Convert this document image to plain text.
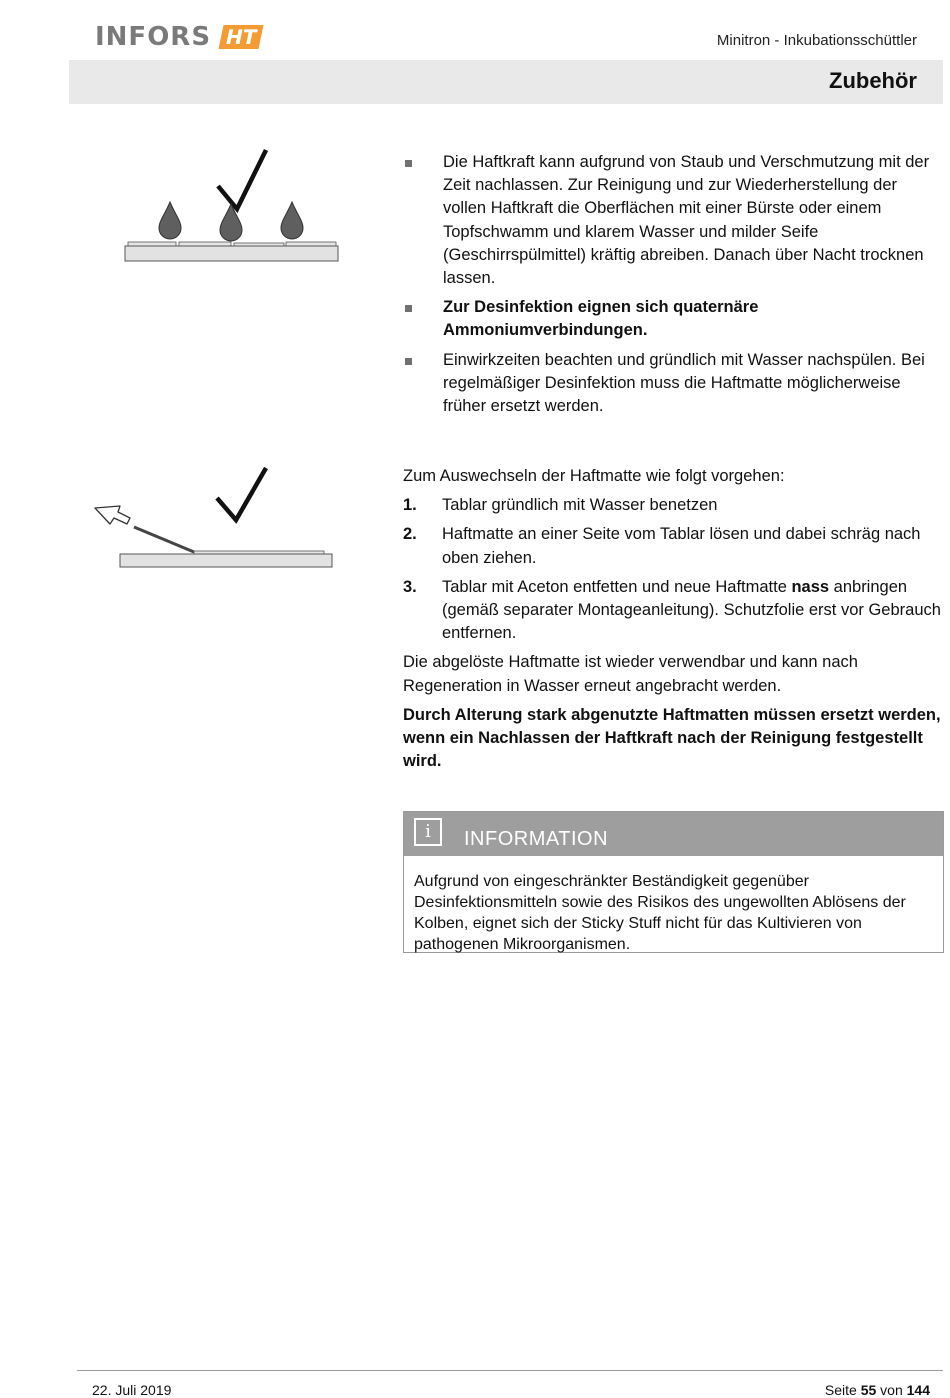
INFORS HT	Minitron - Inkubationsschüttler
Zubehör
Die Haftkraft kann aufgrund von Staub und Verschmutzung mit der Zeit nachlassen. Zur Reinigung und zur Wiederherstellung der vollen Haftkraft die Oberflächen mit einer Bürste oder einem Topfschwamm und klarem Wasser und milder Seife (Geschirrspülmittel) kräftig abreiben. Danach über Nacht trocknen lassen.
Zur Desinfektion eignen sich quaternäre Ammoniumverbindungen.
Einwirkzeiten beachten und gründlich mit Wasser nachspülen. Bei regelmäßiger Desinfektion muss die Haftmatte möglicherweise früher ersetzt werden.

Zum Auswechseln der Haftmatte wie folgt vorgehen:

1. Tablar gründlich mit Wasser benetzen
2. Haftmatte an einer Seite vom Tablar lösen und dabei schräg nach oben ziehen.
3. Tablar mit Aceton entfetten und neue Haftmatte nass anbringen (gemäß separater Montageanleitung). Schutzfolie erst vor Gebrauch entfernen.

Die abgelöste Haftmatte ist wieder verwendbar und kann nach Regeneration in Wasser erneut angebracht werden.

Durch Alterung stark abgenutzte Haftmatten müssen ersetzt werden, wenn ein Nachlassen der Haftkraft nach der Reinigung festgestellt wird.

i	INFORMATION
Aufgrund von eingeschränkter Beständigkeit gegenüber Desinfektionsmitteln sowie des Risikos des ungewollten Ablösens der Kolben, eignet sich der Sticky Stuff nicht für das Kultivieren von pathogenen Mikroorganismen.
22. Juli 2019	Seite 55 von 144
